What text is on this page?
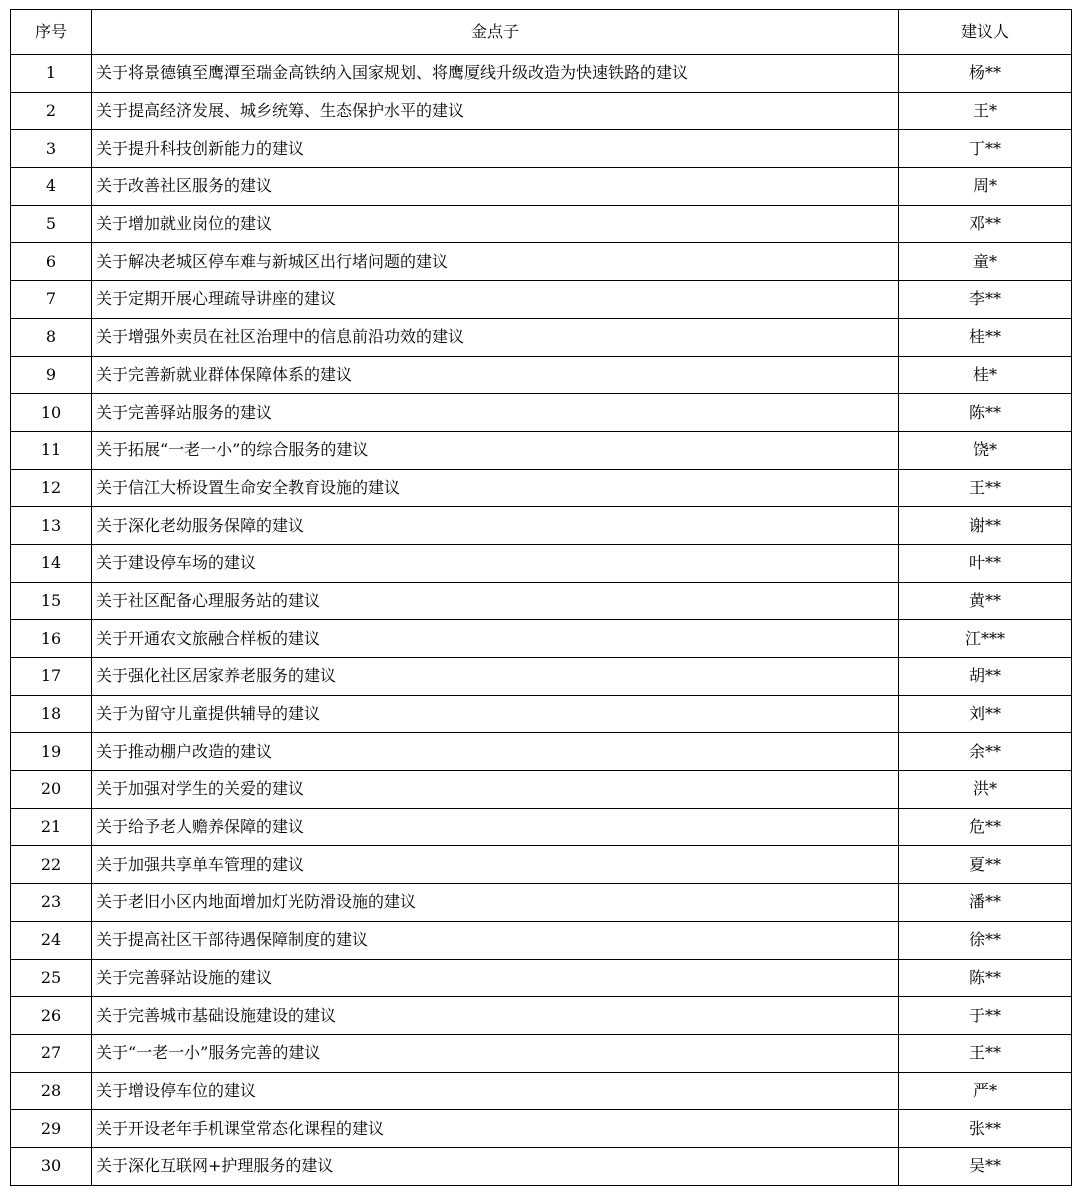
序号	金点子	建议人
1	关于将景德镇至鹰潭至瑞金高铁纳入国家规划、将鹰厦线升级改造为快速铁路的建议	杨**
2	关于提高经济发展、城乡统筹、生态保护水平的建议	王*
3	关于提升科技创新能力的建议	丁**
4	关于改善社区服务的建议	周*
5	关于增加就业岗位的建议	邓**
6	关于解决老城区停车难与新城区出行堵问题的建议	童*
7	关于定期开展心理疏导讲座的建议	李**
8	关于增强外卖员在社区治理中的信息前沿功效的建议	桂**
9	关于完善新就业群体保障体系的建议	桂*
10	关于完善驿站服务的建议	陈**
11	关于拓展“一老一小”的综合服务的建议	饶*
12	关于信江大桥设置生命安全教育设施的建议	王**
13	关于深化老幼服务保障的建议	谢**
14	关于建设停车场的建议	叶**
15	关于社区配备心理服务站的建议	黄**
16	关于开通农文旅融合样板的建议	江***
17	关于强化社区居家养老服务的建议	胡**
18	关于为留守儿童提供辅导的建议	刘**
19	关于推动棚户改造的建议	余**
20	关于加强对学生的关爱的建议	洪*
21	关于给予老人赡养保障的建议	危**
22	关于加强共享单车管理的建议	夏**
23	关于老旧小区内地面增加灯光防滑设施的建议	潘**
24	关于提高社区干部待遇保障制度的建议	徐**
25	关于完善驿站设施的建议	陈**
26	关于完善城市基础设施建设的建议	于**
27	关于“一老一小”服务完善的建议	王**
28	关于增设停车位的建议	严*
29	关于开设老年手机课堂常态化课程的建议	张**
30	关于深化互联网+护理服务的建议	吴**
